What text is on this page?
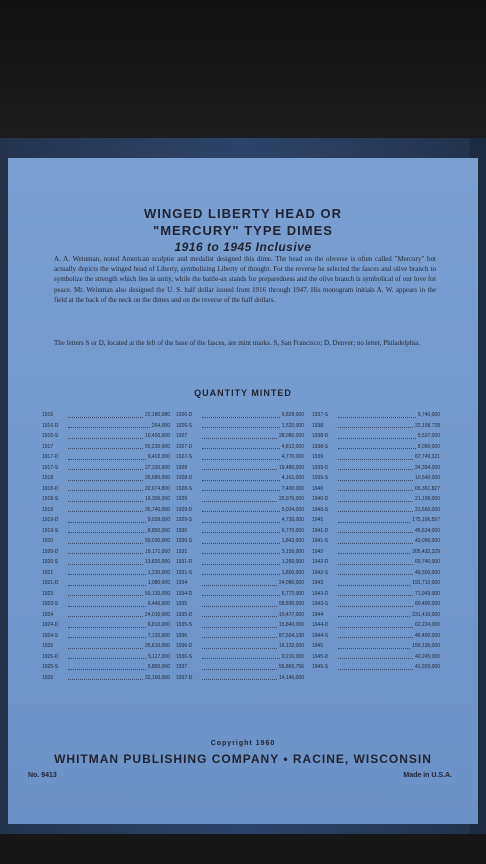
WINGED LIBERTY HEAD OR
"MERCURY" TYPE DIMES
1916 to 1945 Inclusive
A. A. Weinman, noted American sculptor and medalist designed this dime. The head on the obverse is often called "Mercury" but actually depicts the winged head of Liberty, symbolizing Liberty of thought. For the reverse he selected the fasces and olive branch to symbolize the strength which lies in unity, while the battle-ax stands for preparedness and the olive branch is symbolical of our love for peace. Mr. Weinman also designed the U. S. half dollar issued from 1916 through 1947. His monogram initials A. W. appears in the field at the back of the neck on the dimes and on the reverse of the half dollars.
The letters S or D, located at the left of the base of the fasces, are mint marks. S, San Francisco; D, Denver; no letter, Philadelphia.
QUANTITY MINTED
1916	22,180,080
1916-D	264,000
1916-S	10,450,000
1917	55,230,000
1917-D	9,402,000
1917-S	27,330,000
1918	26,680,000
1918-D	22,674,800
1918-S	19,300,000
1919	35,740,000
1919-D	9,939,000
1919-S	8,850,000
1920	59,030,000
1920-D	19,171,000
1920-S	13,820,000
1921	1,230,000
1921-D	1,080,000
1923	50,130,000
1923-S	6,440,000
1924	24,010,000
1924-D	6,810,000
1924-S	7,120,000
1925	25,610,000
1925-D	5,117,000
1925-S	5,850,000
1926	32,160,000
1926-D	6,828,000
1926-S	1,520,000
1927	28,080,000
1927-D	4,812,000
1927-S	4,770,000
1928	19,480,000
1928-D	4,161,000
1928-S	7,400,000
1929	25,970,000
1929-D	5,034,000
1929-S	4,730,000
1930	6,770,000
1930-S	1,843,000
1931	3,150,000
1931-D	1,260,000
1931-S	1,800,000
1934	24,080,000
1934-D	6,772,000
1935	58,830,000
1935-D	10,477,000
1935-S	15,840,000
1936	87,504,130
1936-D	16,132,000
1936-S	9,210,000
1937	56,865,756
1937-D	14,146,000
1937-S	9,740,000
1938	22,198,728
1938-D	5,537,000
1938-S	8,090,000
1939	67,749,321
1939-D	24,394,000
1939-S	10,540,000
1940	65,361,827
1940-D	21,198,000
1940-S	21,560,000
1941	175,106,557
1941-D	45,634,000
1941-S	43,090,000
1942	205,432,329
1942-D	60,740,000
1942-S	49,300,000
1943	191,710,000
1943-D	71,949,000
1943-S	60,400,000
1944	231,410,000
1944-D	62,224,000
1944-S	49,490,000
1945	159,130,000
1945-D	40,245,000
1945-S	41,920,000
Copyright 1960
WHITMAN PUBLISHING COMPANY • RACINE, WISCONSIN
No. 9413	Made in U.S.A.
